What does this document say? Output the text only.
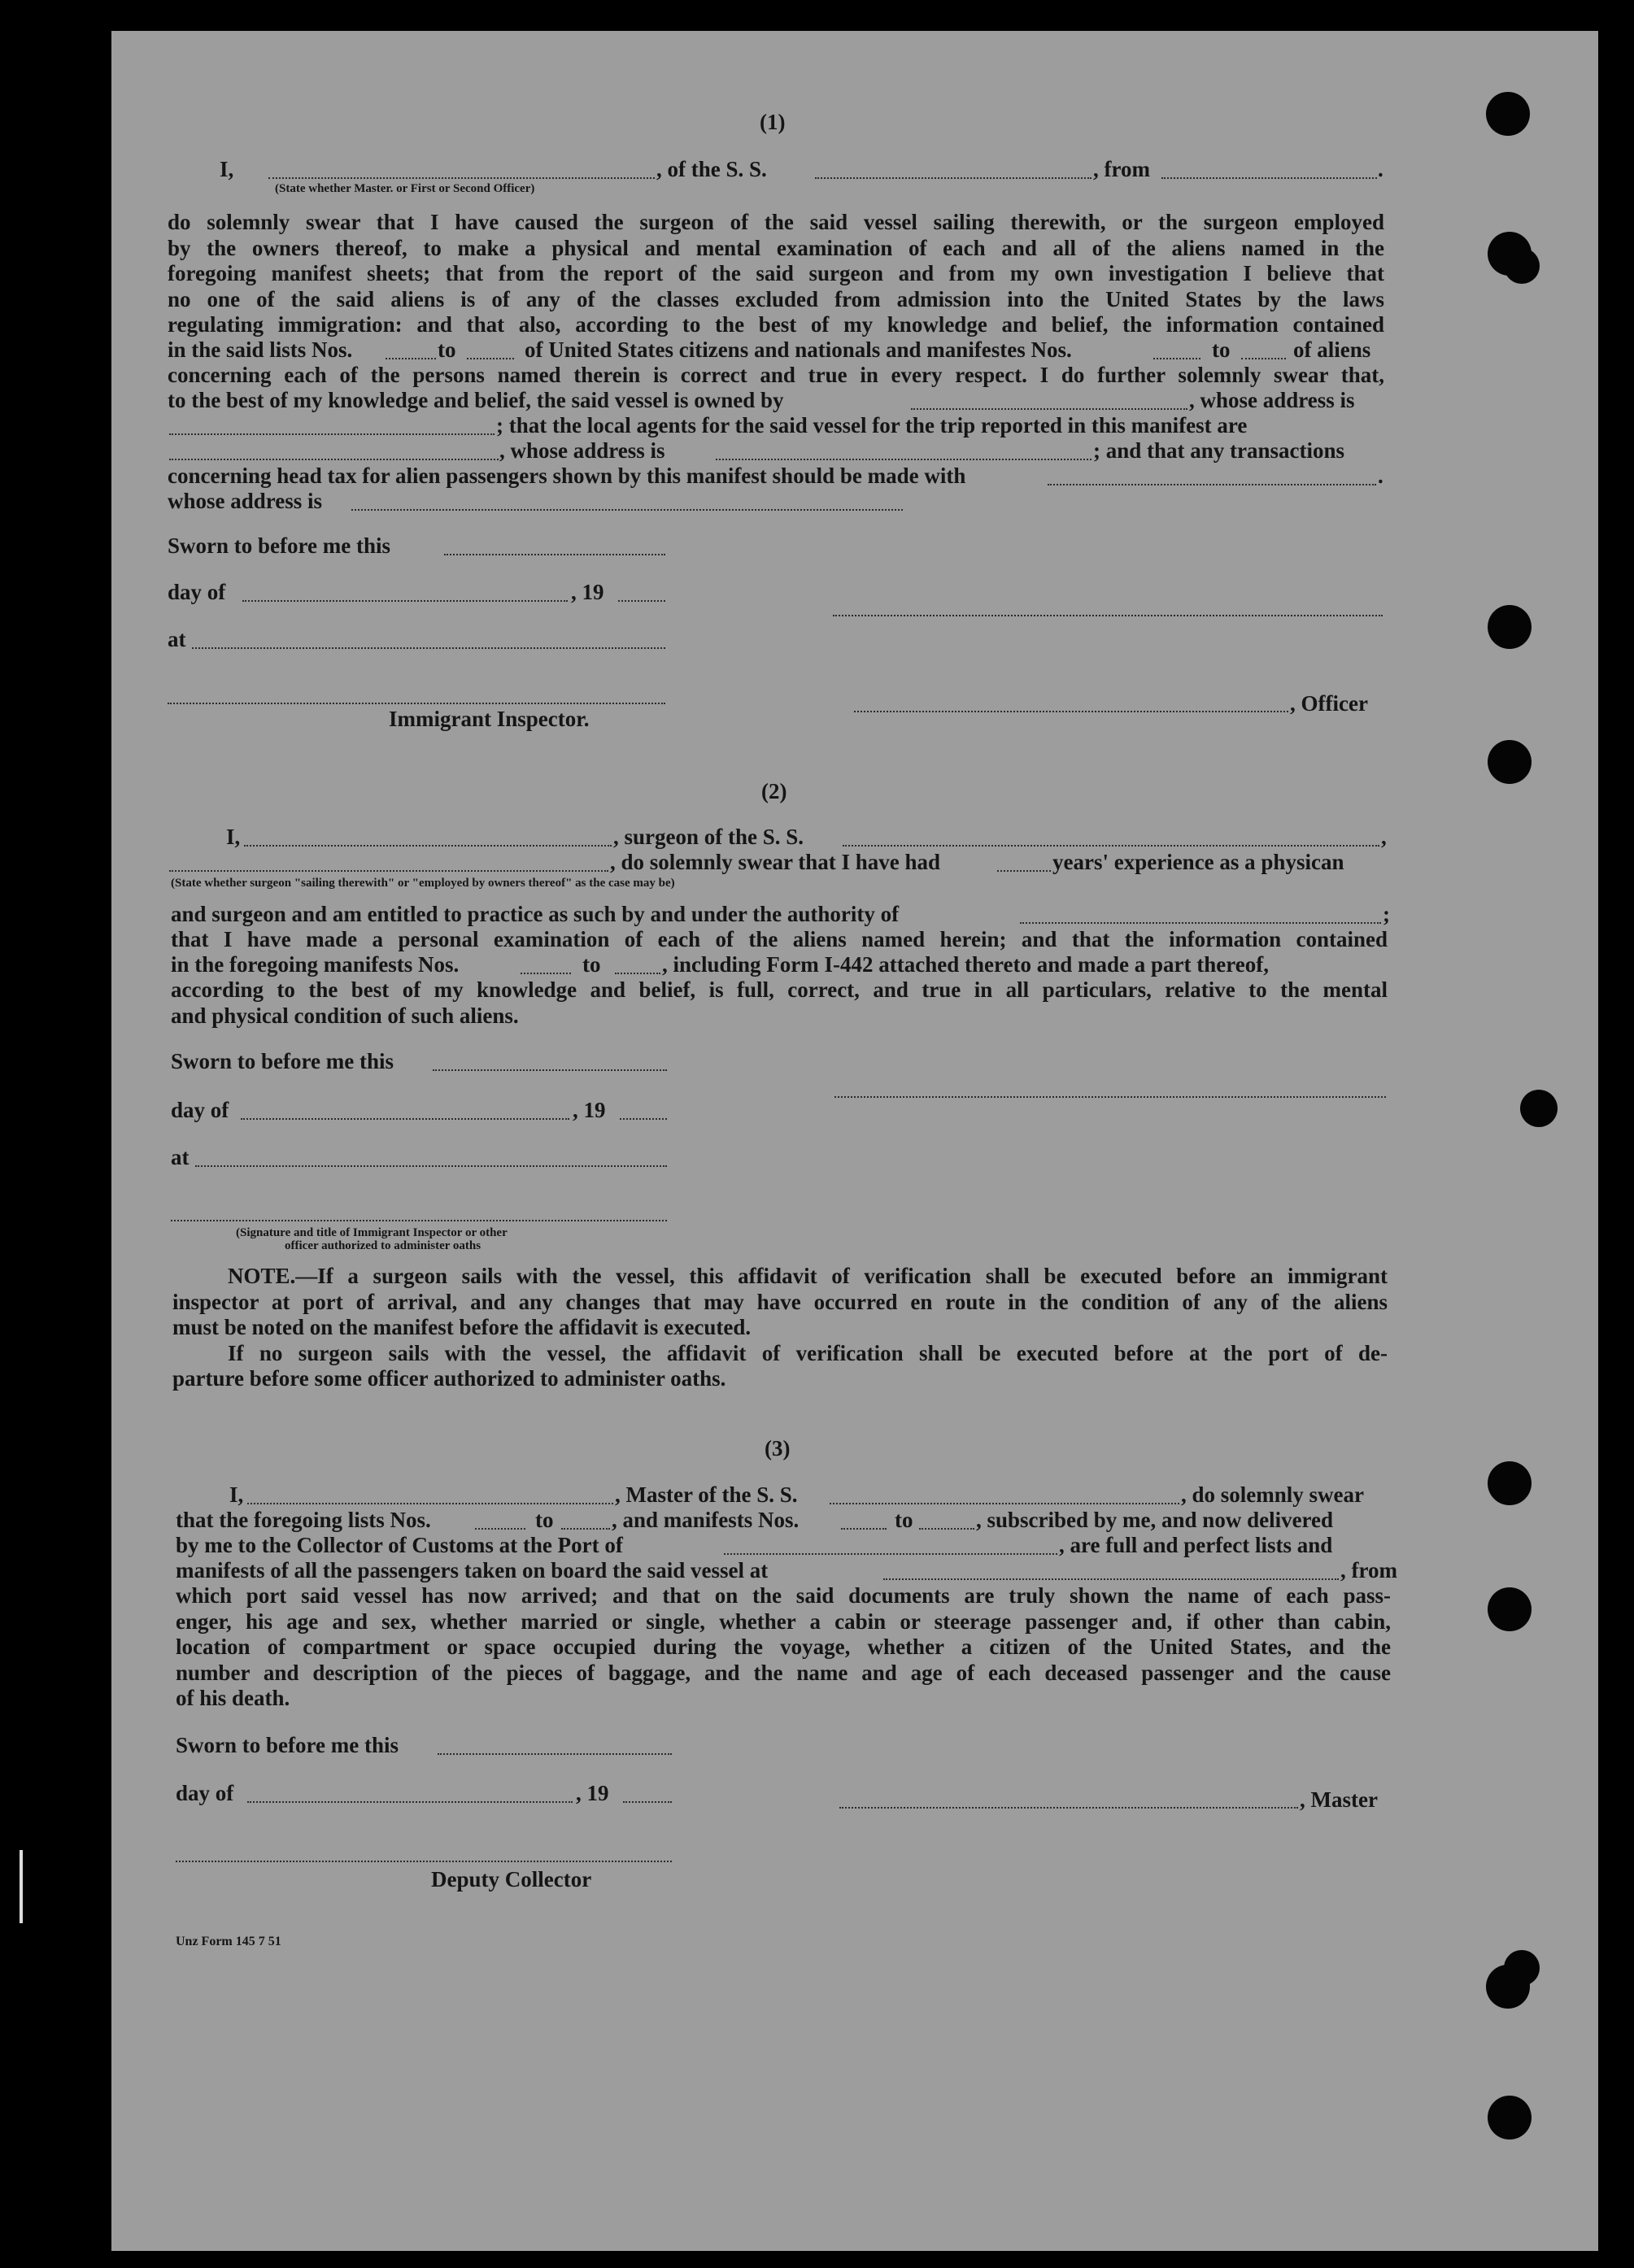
(1)
I,	, of the S. S.	, from	.
(State whether Master. or First or Second Officer)
do solemnly swear that I have caused the surgeon of the said vessel sailing therewith, or the surgeon employed
by the owners thereof, to make a physical and mental examination of each and all of the aliens named in the
foregoing manifest sheets; that from the report of the said surgeon and from my own investigation I believe that
no one of the said aliens is of any of the classes excluded from admission into the United States by the laws
regulating immigration: and that also, according to the best of my knowledge and belief, the information contained
in the said lists Nos.	to	of United States citizens and nationals and manifestes Nos.	to	of aliens
concerning each of the persons named therein is correct and true in every respect. I do further solemnly swear that,
to the best of my knowledge and belief, the said vessel is owned by	, whose address is
; that the local agents for the said vessel for the trip reported in this manifest are
, whose address is	; and that any transactions
concerning head tax for alien passengers shown by this manifest should be made with	.
whose address is
Sworn to before me this
day of	, 19
at
, Officer
Immigrant Inspector.
(2)
I,	, surgeon of the S. S.	,
, do solemnly swear that I have had	years' experience as a physican
(State whether surgeon "sailing therewith" or "employed by owners thereof" as the case may be)
and surgeon and am entitled to practice as such by and under the authority of	;
that I have made a personal examination of each of the aliens named herein; and that the information contained
in the foregoing manifests Nos.	to	, including Form I-442 attached thereto and made a part thereof,
according to the best of my knowledge and belief, is full, correct, and true in all particulars, relative to the mental
and physical condition of such aliens.
Sworn to before me this
day of	, 19
at
(Signature and title of Immigrant Inspector or other
officer authorized to administer oaths
NOTE.—If a surgeon sails with the vessel, this affidavit of verification shall be executed before an immigrant
inspector at port of arrival, and any changes that may have occurred en route in the condition of any of the aliens
must be noted on the manifest before the affidavit is executed.
If no surgeon sails with the vessel, the affidavit of verification shall be executed before at the port of de-
parture before some officer authorized to administer oaths.
(3)
I,	, Master of the S. S.	, do solemnly swear
that the foregoing lists Nos.	to	, and manifests Nos.	to	, subscribed by me, and now delivered
by me to the Collector of Customs at the Port of	, are full and perfect lists and
manifests of all the passengers taken on board the said vessel at	, from
which port said vessel has now arrived; and that on the said documents are truly shown the name of each pass-
enger, his age and sex, whether married or single, whether a cabin or steerage passenger and, if other than cabin,
location of compartment or space occupied during the voyage, whether a citizen of the United States, and the
number and description of the pieces of baggage, and the name and age of each deceased passenger and the cause
of his death.
Sworn to before me this
day of	, 19	, Master
Deputy Collector
Unz Form 145 7 51
